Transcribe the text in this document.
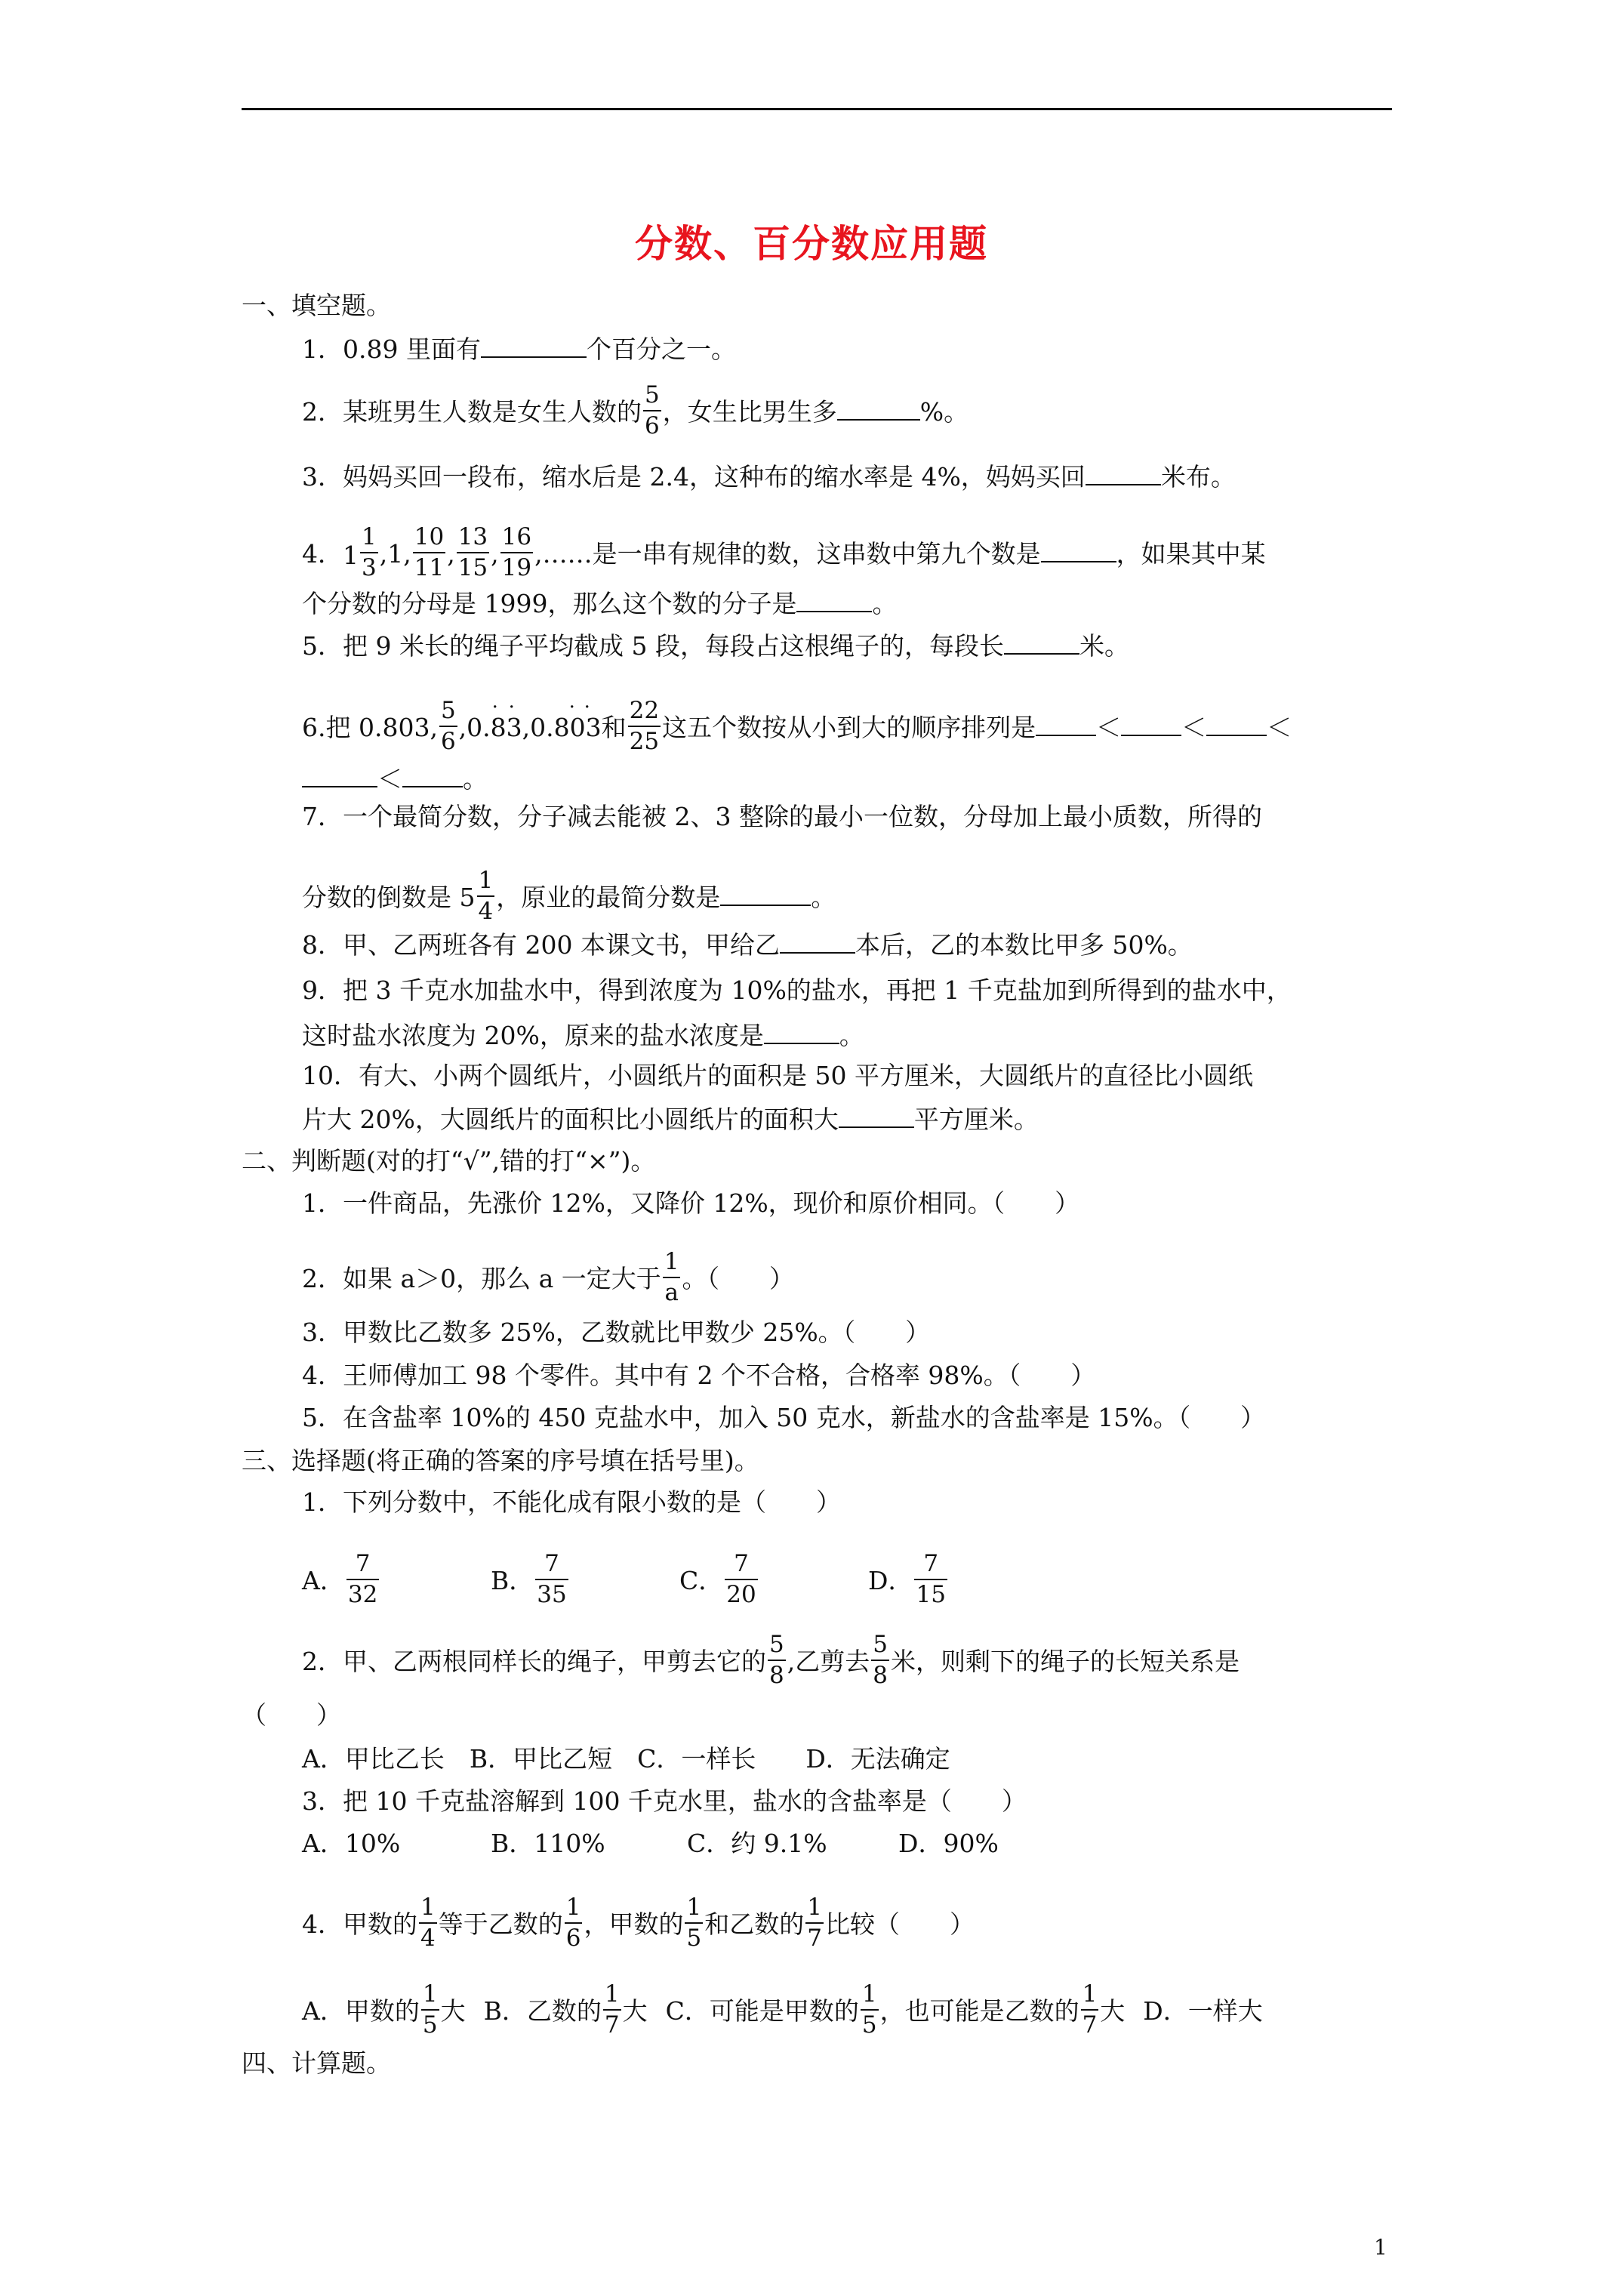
分数、百分数应用题
一、填空题。
1．0.89 里面有	个百分之一。
2．某班男生人数是女生人数的 $\frac{5}{6}$ ，女生比男生多	%。
3．妈妈买回一段布，缩水后是 2.4，这种布的缩水率是 4%，妈妈买回	米布。
4． $1 \frac{1}{3} ,1$, $\frac{10}{11}$ , $\frac{13}{15}$ , $\frac{16}{19}$ ,……是一串有规律的数，这串数中第九个数是	，如果其中某
个分数的分母是 1999，那么这个数的分子是	。
5．把 9 米长的绳子平均截成 5 段，每段占这根绳子的，每段长	米。
6.把 0.803, $\frac{5}{6} ,0$.
· ·
83,0.
· ·
803和 $\frac{22}{25}$ 这五个数按从小到大的顺序排列是 ＜ ＜ ＜
＜ 。
7．一个最简分数，分子减去能被 2、3 整除的最小一位数，分母加上最小质数，所得的
分数的倒数是 $5 \frac{1}{4}$ ，原业的最简分数是	。
8．甲、乙两班各有 200 本课文书，甲给乙	本后，乙的本数比甲多 50%。
9．把 3 千克水加盐水中，得到浓度为 10%的盐水，再把 1 千克盐加到所得到的盐水中，
这时盐水浓度为 20%，原来的盐水浓度是	。
10．有大、小两个圆纸片，小圆纸片的面积是 50 平方厘米，大圆纸片的直径比小圆纸
片大 20%，大圆纸片的面积比小圆纸片的面积大	平方厘米。
二、判断题(对的打“√”,错的打“×”)。
1．一件商品，先涨价 12%，又降价 12%，现价和原价相同。（　　）
2．如果 a＞0，那么 a 一定大于 $\frac{1}{a}$ 。（　　）
3．甲数比乙数多 25%，乙数就比甲数少 25%。（　　）
4．王师傅加工 98 个零件。其中有 2 个不合格，合格率 98%。（　　）
5．在含盐率 10%的 450 克盐水中，加入 50 克水，新盐水的含盐率是 15%。（　　）
三、选择题(将正确的答案的序号填在括号里)。
1．下列分数中，不能化成有限小数的是（　　）
A． $\frac{7}{32}$	B． $\frac{7}{35}$	C． $\frac{7}{20}$	D． $\frac{7}{15}$
2．甲、乙两根同样长的绳子，甲剪去它的 $\frac{5}{8}$ ,乙剪去 $\frac{5}{8}$ 米，则剩下的绳子的长短关系是
（　　）
A．甲比乙长　B．甲比乙短　C．一样长　　D．无法确定
3．把 10 千克盐溶解到 100 千克水里，盐水的含盐率是（　　）
A．10%	B．110%	C．约 9.1%	D．90%
4．甲数的 $\frac{1}{4}$ 等于乙数的 $\frac{1}{6}$ ，甲数的 $\frac{1}{5}$ 和乙数的 $\frac{1}{7}$ 比较（　　）
A．甲数的 $\frac{1}{5}$ 大 B．乙数的 $\frac{1}{7}$ 大 C．可能是甲数的 $\frac{1}{5}$ ，也可能是乙数的 $\frac{1}{7}$ 大 D．一样大
四、计算题。
1
